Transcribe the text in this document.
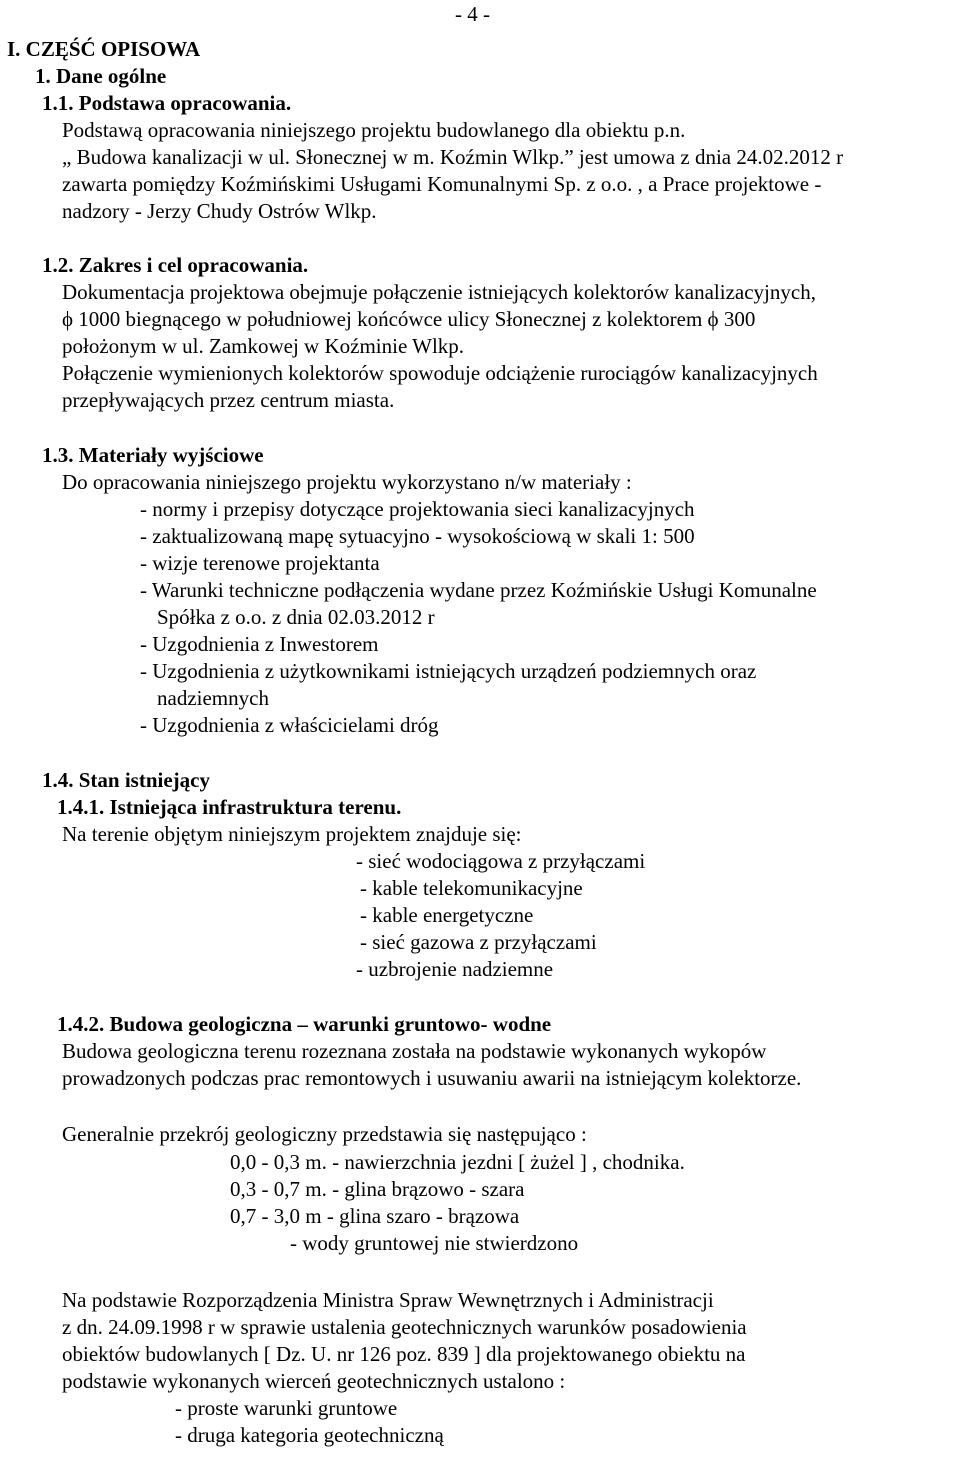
- 4 -
I. CZĘŚĆ OPISOWA
1. Dane ogólne
1.1. Podstawa opracowania.
Podstawą opracowania niniejszego projektu budowlanego dla obiektu p.n.
„ Budowa kanalizacji w ul. Słonecznej w m. Koźmin Wlkp.” jest umowa z dnia 24.02.2012 r
zawarta pomiędzy Koźmińskimi Usługami Komunalnymi Sp. z o.o. , a Prace projektowe -
nadzory - Jerzy Chudy Ostrów Wlkp.
1.2. Zakres i cel opracowania.
Dokumentacja projektowa obejmuje połączenie istniejących kolektorów kanalizacyjnych,
ϕ 1000 biegnącego w południowej końcówce ulicy Słonecznej z kolektorem ϕ 300
położonym w ul. Zamkowej w Koźminie Wlkp.
Połączenie wymienionych kolektorów spowoduje odciążenie rurociągów kanalizacyjnych
przepływających przez centrum miasta.
1.3. Materiały wyjściowe
Do opracowania niniejszego projektu wykorzystano n/w materiały :
- normy i przepisy dotyczące projektowania sieci kanalizacyjnych
- zaktualizowaną mapę sytuacyjno - wysokościową w skali 1: 500
- wizje terenowe projektanta
- Warunki techniczne podłączenia wydane przez Koźmińskie Usługi Komunalne
Spółka z o.o. z dnia 02.03.2012 r
- Uzgodnienia z Inwestorem
- Uzgodnienia z użytkownikami istniejących urządzeń podziemnych oraz
nadziemnych
- Uzgodnienia z właścicielami dróg
1.4. Stan istniejący
1.4.1. Istniejąca infrastruktura terenu.
Na terenie objętym niniejszym projektem znajduje się:
- sieć wodociągowa z przyłączami
- kable telekomunikacyjne
- kable energetyczne
- sieć gazowa z przyłączami
- uzbrojenie nadziemne
1.4.2. Budowa geologiczna – warunki gruntowo- wodne
Budowa geologiczna terenu rozeznana została na podstawie wykonanych wykopów
prowadzonych podczas prac remontowych i usuwaniu awarii na istniejącym kolektorze.
Generalnie przekrój geologiczny przedstawia się następująco :
0,0 - 0,3 m. - nawierzchnia jezdni [ żużel ] , chodnika.
0,3 - 0,7 m. - glina brązowo - szara
0,7 - 3,0 m - glina szaro - brązowa
- wody gruntowej nie stwierdzono
Na podstawie Rozporządzenia Ministra Spraw Wewnętrznych i Administracji
z dn. 24.09.1998 r w sprawie ustalenia geotechnicznych warunków posadowienia
obiektów budowlanych [ Dz. U. nr 126 poz. 839 ] dla projektowanego obiektu na
podstawie wykonanych wierceń geotechnicznych ustalono :
- proste warunki gruntowe
- druga kategoria geotechniczną
